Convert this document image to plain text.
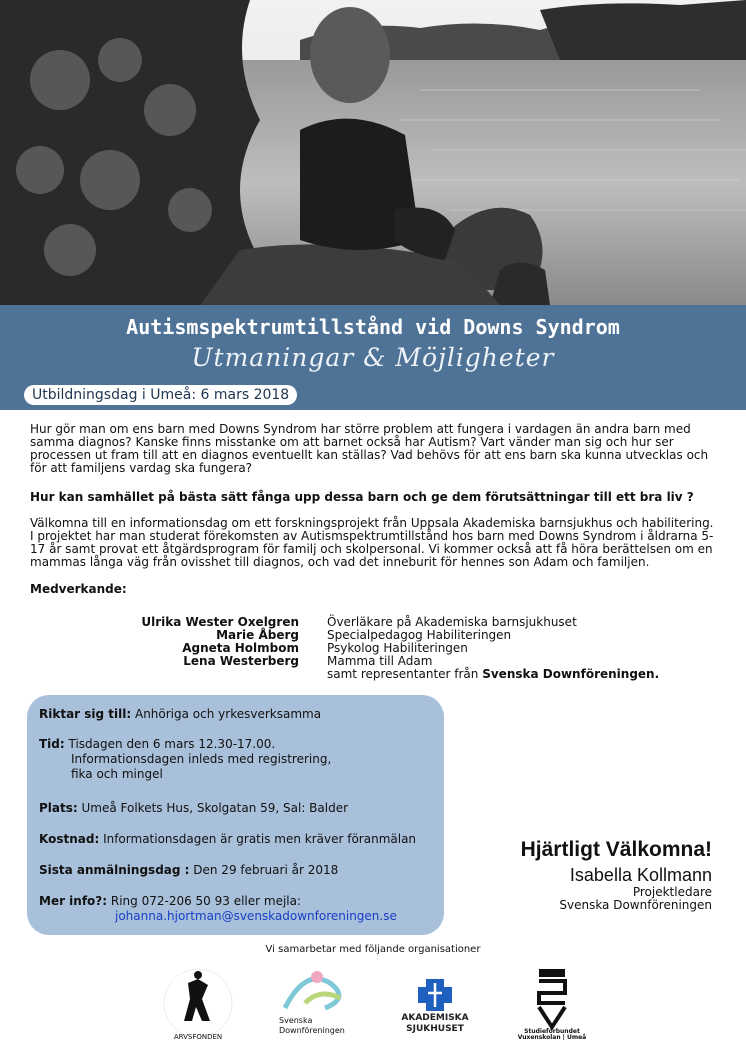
Autismspektrumtillstånd vid Downs Syndrom
Utmaningar & Möjligheter
Utbildningsdag i Umeå: 6 mars 2018
Hur gör man om ens barn med Downs Syndrom har större problem att fungera i vardagen än andra barn med samma diagnos? Kanske finns misstanke om att barnet också har Autism? Vart vänder man sig och hur ser processen ut fram till att en diagnos eventuellt kan ställas? Vad behövs för att ens barn ska kunna utvecklas och för att familjens vardag ska fungera?
Hur kan samhället på bästa sätt fånga upp dessa barn och ge dem förutsättningar till ett bra liv ?
Välkomna till en informationsdag om ett forskningsprojekt från Uppsala Akademiska barnsjukhus och habilitering. I projektet har man studerat förekomsten av Autismspektrumtillstånd hos barn med Downs Syndrom i åldrarna 5-17 år samt provat ett åtgärdsprogram för familj och skolpersonal. Vi kommer också att få höra berättelsen om en mammas långa väg från ovisshet till diagnos, och vad det inneburit för hennes son Adam och familjen.
Medverkande:
Ulrika Wester Oxelgren Överläkare på Akademiska barnsjukhuset
Marie Åberg Specialpedagog Habiliteringen
Agneta Holmbom Psykolog Habiliteringen
Lena Westerberg Mamma till Adam
samt representanter från Svenska Downföreningen.
Riktar sig till: Anhöriga och yrkesverksamma
Tid: Tisdagen den 6 mars 12.30-17.00.
Informationsdagen inleds med registrering,
fika och mingel
Plats: Umeå Folkets Hus, Skolgatan 59, Sal: Balder
Kostnad: Informationsdagen är gratis men kräver föranmälan
Sista anmälningsdag : Den 29 februari år 2018
Mer info?: Ring 072-206 50 93 eller mejla:
johanna.hjortman@svenskadownforeningen.se
Hjärtligt Välkomna!
Isabella Kollmann
Projektledare
Svenska Downföreningen
Vi samarbetar med följande organisationer
ARVSFONDEN
Svenska
Downföreningen
AKADEMISKA
SJUKHUSET	Studieförbundet
Vuxenskolan | Umeå
